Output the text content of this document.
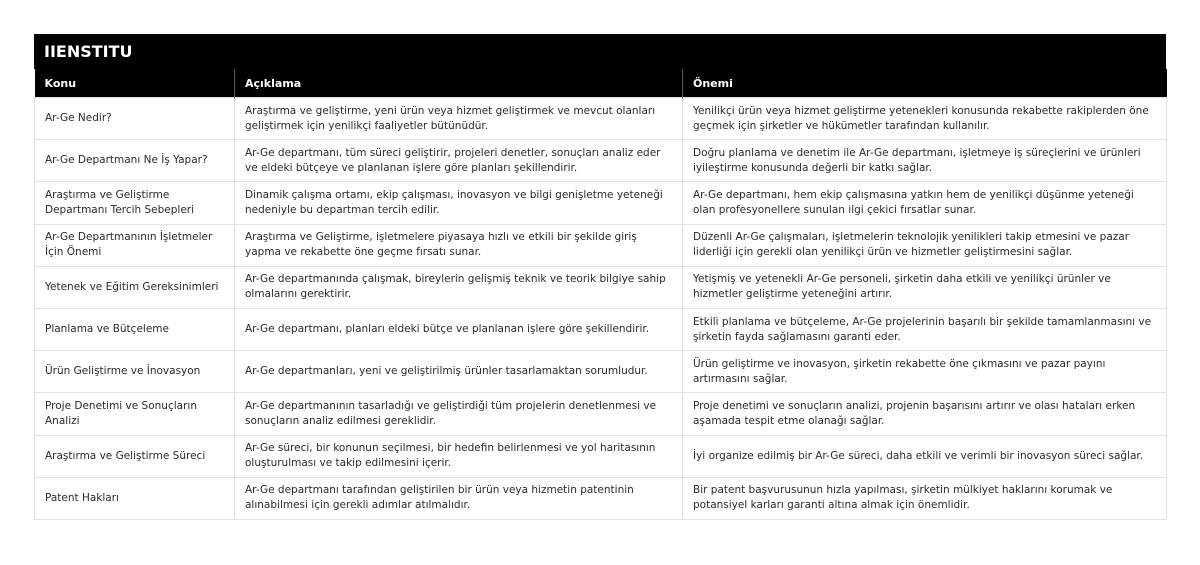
IIENSTITU
Konu	Açıklama	Önemi
Ar-Ge Nedir?	Araştırma ve geliştirme, yeni ürün veya hizmet geliştirmek ve mevcut olanları geliştirmek için yenilikçi faaliyetler bütünüdür.	Yenilikçi ürün veya hizmet geliştirme yetenekleri konusunda rekabette rakiplerden öne geçmek için şirketler ve hükümetler tarafından kullanılır.
Ar-Ge Departmanı Ne İş Yapar?	Ar-Ge departmanı, tüm süreci geliştirir, projeleri denetler, sonuçları analiz eder ve eldeki bütçeye ve planlanan işlere göre planları şekillendirir.	Doğru planlama ve denetim ile Ar-Ge departmanı, işletmeye iş süreçlerini ve ürünleri iyileştirme konusunda değerli bir katkı sağlar.
Araştırma ve Geliştirme Departmanı Tercih Sebepleri	Dinamik çalışma ortamı, ekip çalışması, inovasyon ve bilgi genişletme yeteneği nedeniyle bu departman tercih edilir.	Ar-Ge departmanı, hem ekip çalışmasına yatkın hem de yenilikçi düşünme yeteneği olan profesyonellere sunulan ilgi çekici fırsatlar sunar.
Ar-Ge Departmanının İşletmeler İçin Önemi	Araştırma ve Geliştirme, işletmelere piyasaya hızlı ve etkili bir şekilde giriş yapma ve rekabette öne geçme fırsatı sunar.	Düzenli Ar-Ge çalışmaları, işletmelerin teknolojik yenilikleri takip etmesini ve pazar liderliği için gerekli olan yenilikçi ürün ve hizmetler geliştirmesini sağlar.
Yetenek ve Eğitim Gereksinimleri	Ar-Ge departmanında çalışmak, bireylerin gelişmiş teknik ve teorik bilgiye sahip olmalarını gerektirir.	Yetişmiş ve yetenekli Ar-Ge personeli, şirketin daha etkili ve yenilikçi ürünler ve hizmetler geliştirme yeteneğini artırır.
Planlama ve Bütçeleme	Ar-Ge departmanı, planları eldeki bütçe ve planlanan işlere göre şekillendirir.	Etkili planlama ve bütçeleme, Ar-Ge projelerinin başarılı bir şekilde tamamlanmasını ve şirketin fayda sağlamasını garanti eder.
Ürün Geliştirme ve İnovasyon	Ar-Ge departmanları, yeni ve geliştirilmiş ürünler tasarlamaktan sorumludur.	Ürün geliştirme ve inovasyon, şirketin rekabette öne çıkmasını ve pazar payını artırmasını sağlar.
Proje Denetimi ve Sonuçların Analizi	Ar-Ge departmanının tasarladığı ve geliştirdiği tüm projelerin denetlenmesi ve sonuçların analiz edilmesi gereklidir.	Proje denetimi ve sonuçların analizi, projenin başarısını artırır ve olası hataları erken aşamada tespit etme olanağı sağlar.
Araştırma ve Geliştirme Süreci	Ar-Ge süreci, bir konunun seçilmesi, bir hedefin belirlenmesi ve yol haritasının oluşturulması ve takip edilmesini içerir.	İyi organize edilmiş bir Ar-Ge süreci, daha etkili ve verimli bir inovasyon süreci sağlar.
Patent Hakları	Ar-Ge departmanı tarafından geliştirilen bir ürün veya hizmetin patentinin alınabilmesi için gerekli adımlar atılmalıdır.	Bir patent başvurusunun hızla yapılması, şirketin mülkiyet haklarını korumak ve potansiyel karları garanti altına almak için önemlidir.
